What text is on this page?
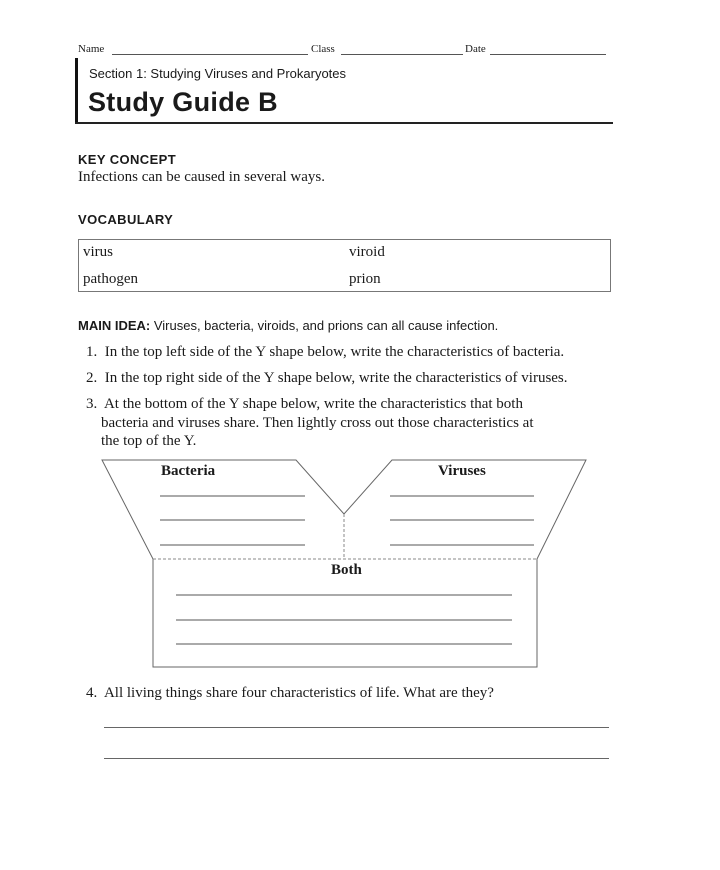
Name	Class	Date
Section 1: Studying Viruses and Prokaryotes
Study Guide B
KEY CONCEPT
Infections can be caused in several ways.
VOCABULARY
virus	viroid
pathogen	prion
MAIN IDEA: Viruses, bacteria, viroids, and prions can all cause infection.
1. In the top left side of the Y shape below, write the characteristics of bacteria.
2. In the top right side of the Y shape below, write the characteristics of viruses.
3. At the bottom of the Y shape below, write the characteristics that both
bacteria and viruses share. Then lightly cross out those characteristics at
the top of the Y.
Bacteria	Viruses
Both
4. All living things share four characteristics of life. What are they?
